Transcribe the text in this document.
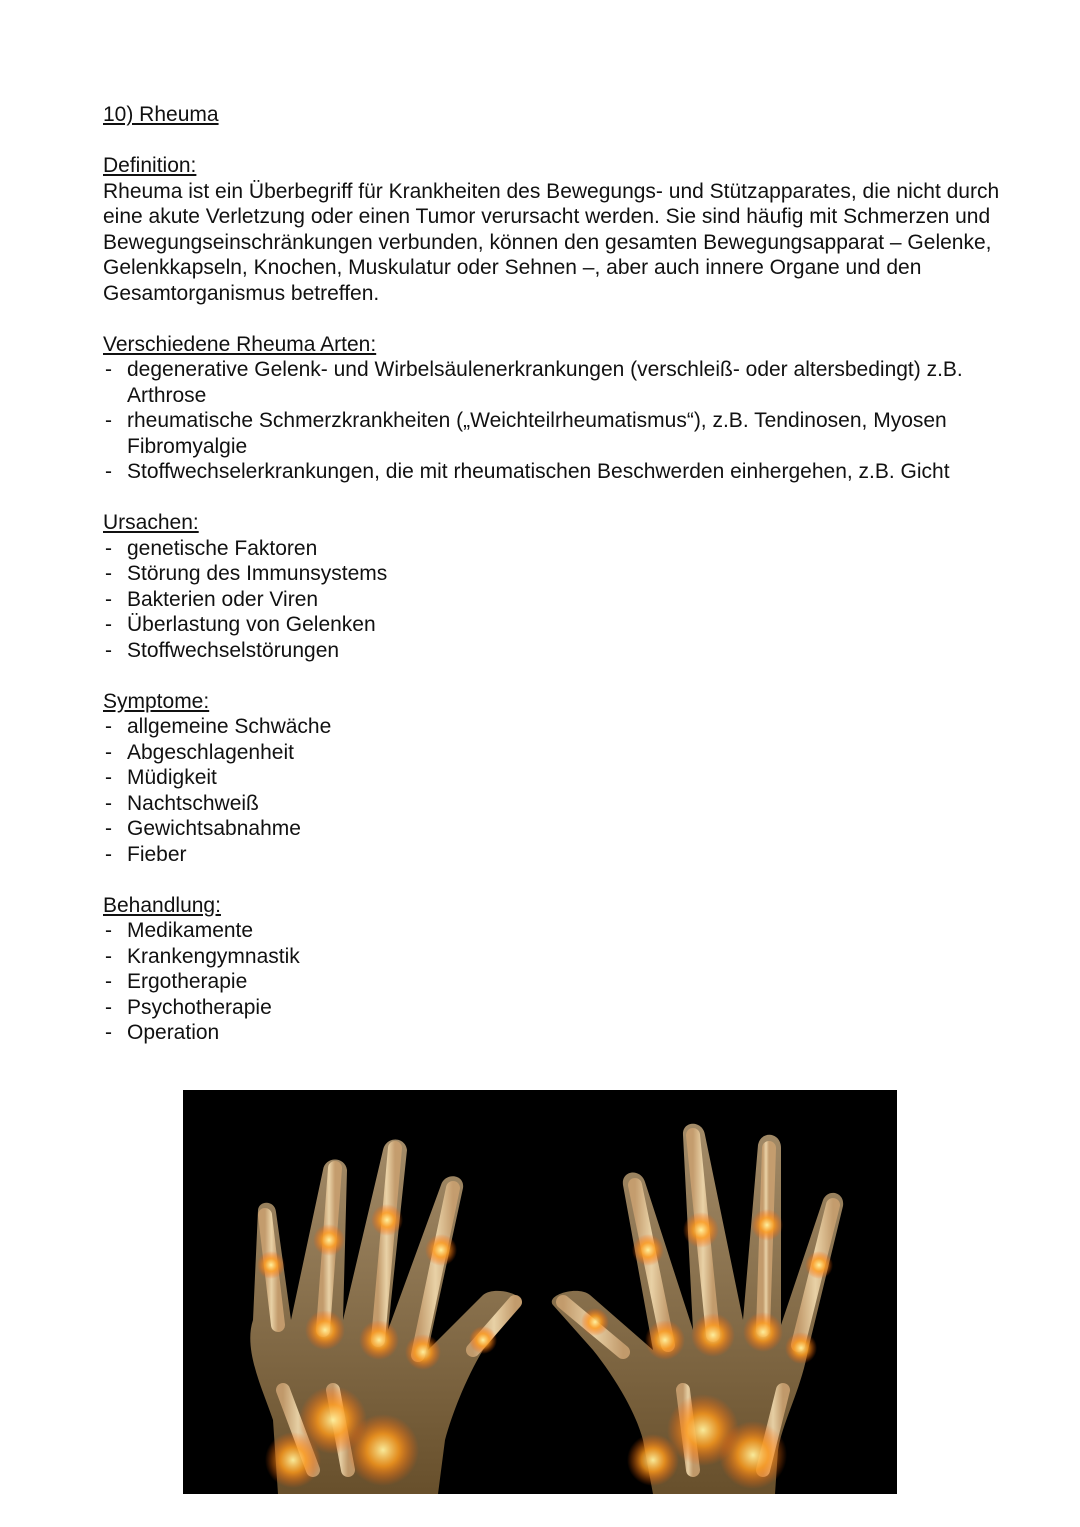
10) Rheuma

Definition:

Rheuma ist ein Überbegriff für Krankheiten des Bewegungs- und Stützapparates, die nicht durch eine akute Verletzung oder einen Tumor verursacht werden. Sie sind häufig mit Schmerzen und Bewegungseinschränkungen verbunden, können den gesamten Bewegungsapparat – Gelenke, Gelenkkapseln, Knochen, Muskulatur oder Sehnen –, aber auch innere Organe und den Gesamtorganismus betreffen.

Verschiedene Rheuma Arten:

- degenerative Gelenk- und Wirbelsäulenerkrankungen (verschleiß- oder altersbedingt) z.B. Arthrose
- rheumatische Schmerzkrankheiten („Weichteilrheumatismus“), z.B. Tendinosen, Myosen Fibromyalgie
- Stoffwechselerkrankungen, die mit rheumatischen Beschwerden einhergehen, z.B. Gicht

Ursachen:

- genetische Faktoren
- Störung des Immunsystems
- Bakterien oder Viren
- Überlastung von Gelenken
- Stoffwechselstörungen

Symptome:

- allgemeine Schwäche
- Abgeschlagenheit
- Müdigkeit
- Nachtschweiß
- Gewichtsabnahme
- Fieber

Behandlung:

- Medikamente
- Krankengymnastik
- Ergotherapie
- Psychotherapie
- Operation
